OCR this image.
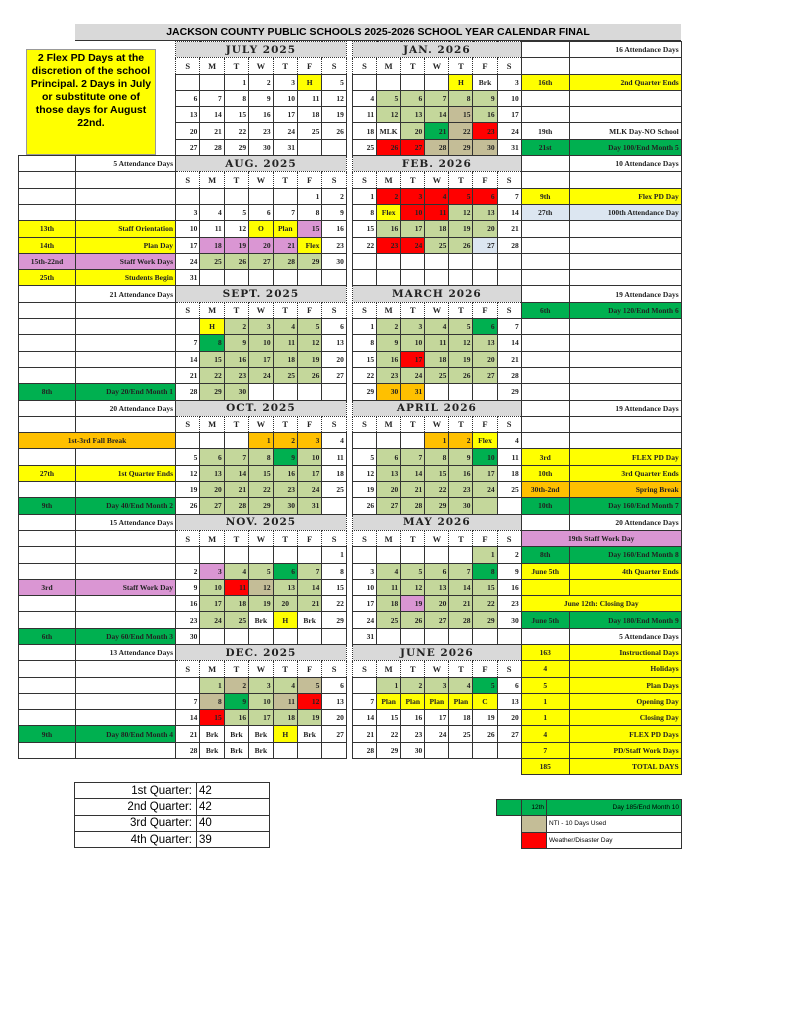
JACKSON COUNTY PUBLIC SCHOOLS 2025-2026 SCHOOL YEAR CALENDAR FINAL
2 Flex PD Days at the discretion of the school Principal. 2 Days in July or substitute one of those days for August 22nd.
		JULY 2025						
		S	M	T	W	T	F	S
				1	2	3	H	5
		6	7	8	9	10	11	12
		13	14	15	16	17	18	19
		20	21	22	23	24	25	26
		27	28	29	30	31		
	5 Attendance Days	AUG. 2025						
		S	M	T	W	T	F	S
							1	2
		3	4	5	6	7	8	9
13th	Staff Orientation	10	11	12	O	Plan	15	16
14th	Plan Day	17	18	19	20	21	Flex	23
15th-22nd	Staff Work Days	24	25	26	27	28	29	30
25th	Students Begin	31						
	21 Attendance Days	SEPT. 2025						
		S	M	T	W	T	F	S
			H	2	3	4	5	6
		7	8	9	10	11	12	13
		14	15	16	17	18	19	20
		21	22	23	24	25	26	27
8th	Day 20/End Month 1	28	29	30				
	20 Attendance Days	OCT. 2025						
		S	M	T	W	T	F	S
1st-3rd Fall Break					1	2	3	4
		5	6	7	8	9	10	11
27th	1st Quarter Ends	12	13	14	15	16	17	18
		19	20	21	22	23	24	25
9th	Day 40/End Month 2	26	27	28	29	30	31	
	15 Attendance Days	NOV. 2025						
		S	M	T	W	T	F	S
								1
		2	3	4	5	6	7	8
3rd	Staff Work Day	9	10	11	12	13	14	15
		16	17	18	19	20	21	22
		23	24	25	Brk	H	Brk	29
6th	Day 60/End Month 3	30						
	13 Attendance Days	DEC. 2025						
		S	M	T	W	T	F	S
			1	2	3	4	5	6
		7	8	9	10	11	12	13
		14	15	16	17	18	19	20
9th	Day 80/End Month 4	21	Brk	Brk	Brk	H	Brk	27
		28	Brk	Brk	Brk			
JAN. 2026								16 Attendance Days
S	M	T	W	T	F	S		
				H	Brk	3	16th	2nd Quarter Ends
4	5	6	7	8	9	10		
11	12	13	14	15	16	17		
18	MLK	20	21	22	23	24	19th	MLK Day-NO School
25	26	27	28	29	30	31	21st	Day 100/End Month 5
FEB. 2026								10 Attendance Days
S	M	T	W	T	F	S		
1	2	3	4	5	6	7	9th	Flex PD Day
8	Flex	10	11	12	13	14	27th	100th Attendance Day
15	16	17	18	19	20	21		
22	23	24	25	26	27	28		

MARCH 2026								19 Attendance Days
S	M	T	W	T	F	S	6th	Day 120/End Month 6
1	2	3	4	5	6	7		
8	9	10	11	12	13	14		
15	16	17	18	19	20	21		
22	23	24	25	26	27	28		
29	30	31				29		
APRIL 2026								19 Attendance Days
S	M	T	W	T	F	S		
			1	2	Flex	4		
5	6	7	8	9	10	11	3rd	FLEX PD Day
12	13	14	15	16	17	18	10th	3rd Quarter Ends
19	20	21	22	23	24	25	30th-2nd	Spring Break
26	27	28	29	30			10th	Day 160/End Month 7
MAY 2026								20 Attendance Days
S	M	T	W	T	F	S	19th Staff Work Day	
					1	2	8th	Day 160/End Month 8
3	4	5	6	7	8	9	June 5th	4th Quarter Ends
10	11	12	13	14	15	16		
17	18	19	20	21	22	23	June 12th: Closing Day	
24	25	26	27	28	29	30	June 5th	Day 180/End Month 9
31								5 Attendance Days
JUNE 2026							163	Instructional Days
S	M	T	W	T	F	S	4	Holidays
	1	2	3	4	5	6	5	Plan Days
7	Plan	Plan	Plan	Plan	C	13	1	Opening Day
14	15	16	17	18	19	20	1	Closing Day
21	22	23	24	25	26	27	4	FLEX PD Days
28	29	30					7	PD/Staff Work Days
							185	TOTAL DAYS
1st Quarter:	42
2nd Quarter:	42
3rd Quarter:	40
4th Quarter:	39
	12th	Day 185/End Month 10
		NTI - 10 Days Used
		Weather/Disaster Day
